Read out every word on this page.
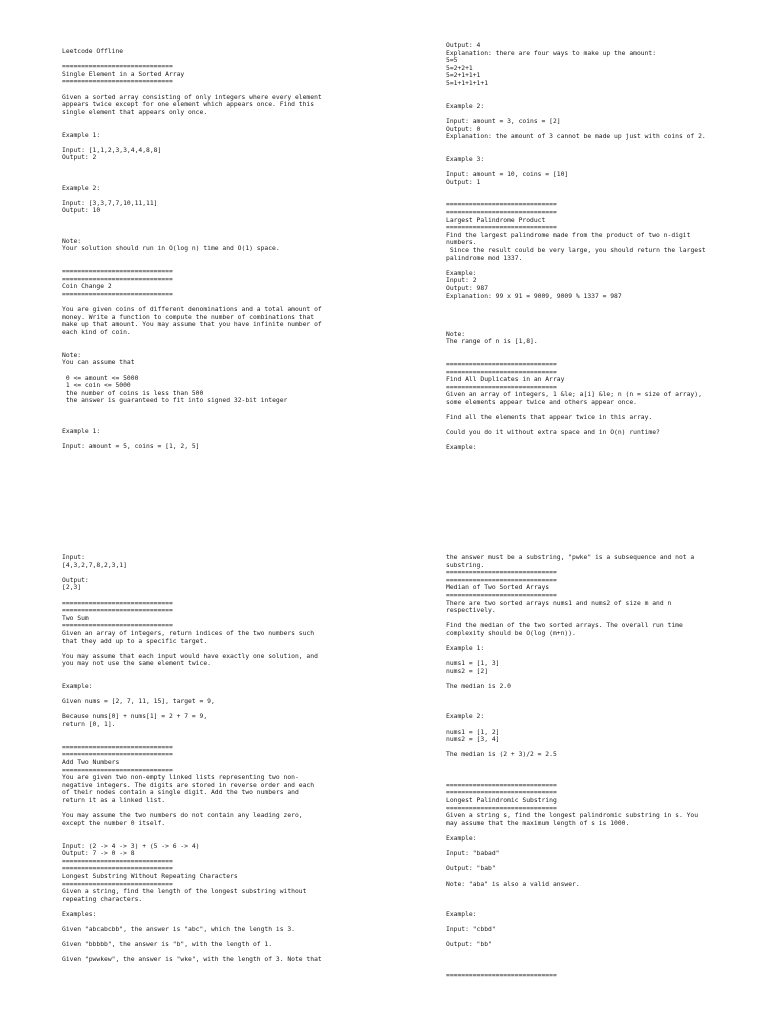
Leetcode Offline
=============================
Single Element in a Sorted Array
=============================
Given a sorted array consisting of only integers where every element
appears twice except for one element which appears once. Find this
single element that appears only once.
Example 1:
Input: [1,1,2,3,3,4,4,8,8]
Output: 2
Example 2:
Input: [3,3,7,7,10,11,11]
Output: 10
Note:
Your solution should run in O(log n) time and O(1) space.
=============================
=============================
Coin Change 2
=============================
You are given coins of different denominations and a total amount of
money. Write a function to compute the number of combinations that
make up that amount. You may assume that you have infinite number of
each kind of coin.
Note:
You can assume that
0 <= amount <= 5000
1 <= coin <= 5000
the number of coins is less than 500
the answer is guaranteed to fit into signed 32-bit integer
Example 1:
Input: amount = 5, coins = [1, 2, 5]
Output: 4
Explanation: there are four ways to make up the amount:
5=5
5=2+2+1
5=2+1+1+1
5=1+1+1+1+1
Example 2:
Input: amount = 3, coins = [2]
Output: 0
Explanation: the amount of 3 cannot be made up just with coins of 2.
Example 3:
Input: amount = 10, coins = [10]
Output: 1
=============================
=============================
Largest Palindrome Product
=============================
Find the largest palindrome made from the product of two n-digit
numbers.
Since the result could be very large, you should return the largest
palindrome mod 1337.
Example:
Input: 2
Output: 987
Explanation: 99 x 91 = 9009, 9009 % 1337 = 987
Note:
The range of n is [1,8].
=============================
=============================
Find All Duplicates in an Array
=============================
Given an array of integers, 1 &le; a[i] &le; n (n = size of array),
some elements appear twice and others appear once.
Find all the elements that appear twice in this array.
Could you do it without extra space and in O(n) runtime?
Example:
Input:
[4,3,2,7,8,2,3,1]
Output:
[2,3]
=============================
=============================
Two Sum
=============================
Given an array of integers, return indices of the two numbers such
that they add up to a specific target.
You may assume that each input would have exactly one solution, and
you may not use the same element twice.
Example:
Given nums = [2, 7, 11, 15], target = 9,
Because nums[0] + nums[1] = 2 + 7 = 9,
return [0, 1].
=============================
=============================
Add Two Numbers
=============================
You are given two non-empty linked lists representing two non-
negative integers. The digits are stored in reverse order and each
of their nodes contain a single digit. Add the two numbers and
return it as a linked list.
You may assume the two numbers do not contain any leading zero,
except the number 0 itself.
Input: (2 -> 4 -> 3) + (5 -> 6 -> 4)
Output: 7 -> 0 -> 8
=============================
=============================
Longest Substring Without Repeating Characters
=============================
Given a string, find the length of the longest substring without
repeating characters.
Examples:
Given "abcabcbb", the answer is "abc", which the length is 3.
Given "bbbbb", the answer is "b", with the length of 1.
Given "pwwkew", the answer is "wke", with the length of 3. Note that
the answer must be a substring, "pwke" is a subsequence and not a
substring.
=============================
=============================
Median of Two Sorted Arrays
=============================
There are two sorted arrays nums1 and nums2 of size m and n
respectively.
Find the median of the two sorted arrays. The overall run time
complexity should be O(log (m+n)).
Example 1:
nums1 = [1, 3]
nums2 = [2]
The median is 2.0
Example 2:
nums1 = [1, 2]
nums2 = [3, 4]
The median is (2 + 3)/2 = 2.5
=============================
=============================
Longest Palindromic Substring
=============================
Given a string s, find the longest palindromic substring in s. You
may assume that the maximum length of s is 1000.
Example:
Input: "babad"
Output: "bab"
Note: "aba" is also a valid answer.
Example:
Input: "cbbd"
Output: "bb"
=============================
